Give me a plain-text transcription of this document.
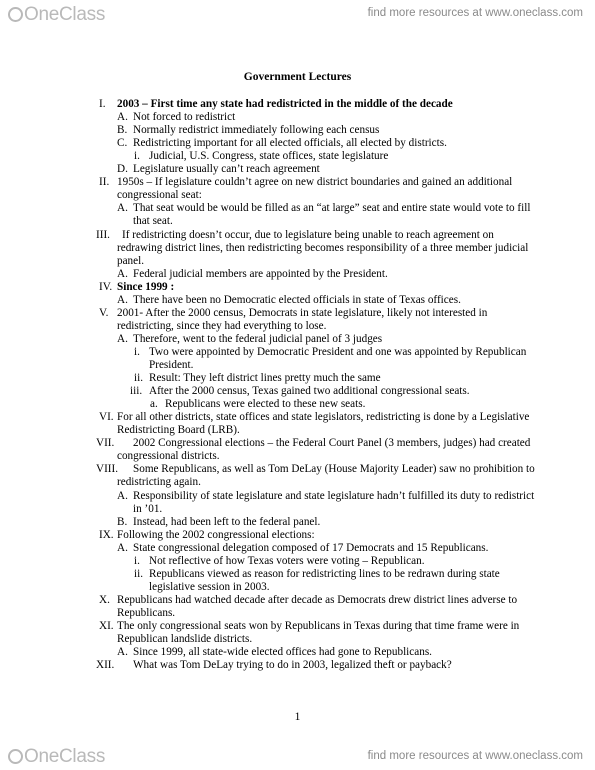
OneClass	find more resources at www.oneclass.com
Government Lectures
I. 2003 – First time any state had redistricted in the middle of the decade
A. Not forced to redistrict
B. Normally redistrict immediately following each census
C. Redistricting important for all elected officials, all elected by districts.
i. Judicial, U.S. Congress, state offices, state legislature
D. Legislature usually can’t reach agreement
II. 1950s – If legislature couldn’t agree on new district boundaries and gained an additional
congressional seat:
A. That seat would be would be filled as an “at large” seat and entire state would vote to fill
that seat.
III. If redistricting doesn’t occur, due to legislature being unable to reach agreement on
redrawing district lines, then redistricting becomes responsibility of a three member judicial
panel.
A. Federal judicial members are appointed by the President.
IV. Since 1999 :
A. There have been no Democratic elected officials in state of Texas offices.
V. 2001- After the 2000 census, Democrats in state legislature, likely not interested in
redistricting, since they had everything to lose.
A. Therefore, went to the federal judicial panel of 3 judges
i. Two were appointed by Democratic President and one was appointed by Republican
President.
ii. Result: They left district lines pretty much the same
iii. After the 2000 census, Texas gained two additional congressional seats.
a. Republicans were elected to these new seats.
VI. For all other districts, state offices and state legislators, redistricting is done by a Legislative
Redistricting Board (LRB).
VII. 2002 Congressional elections – the Federal Court Panel (3 members, judges) had created
congressional districts.
VIII. Some Republicans, as well as Tom DeLay (House Majority Leader) saw no prohibition to
redistricting again.
A. Responsibility of state legislature and state legislature hadn’t fulfilled its duty to redistrict
in ’01.
B. Instead, had been left to the federal panel.
IX. Following the 2002 congressional elections:
A. State congressional delegation composed of 17 Democrats and 15 Republicans.
i. Not reflective of how Texas voters were voting – Republican.
ii. Republicans viewed as reason for redistricting lines to be redrawn during state
legislative session in 2003.
X. Republicans had watched decade after decade as Democrats drew district lines adverse to
Republicans.
XI. The only congressional seats won by Republicans in Texas during that time frame were in
Republican landslide districts.
A. Since 1999, all state-wide elected offices had gone to Republicans.
XII. What was Tom DeLay trying to do in 2003, legalized theft or payback?
1
OneClass	find more resources at www.oneclass.com
